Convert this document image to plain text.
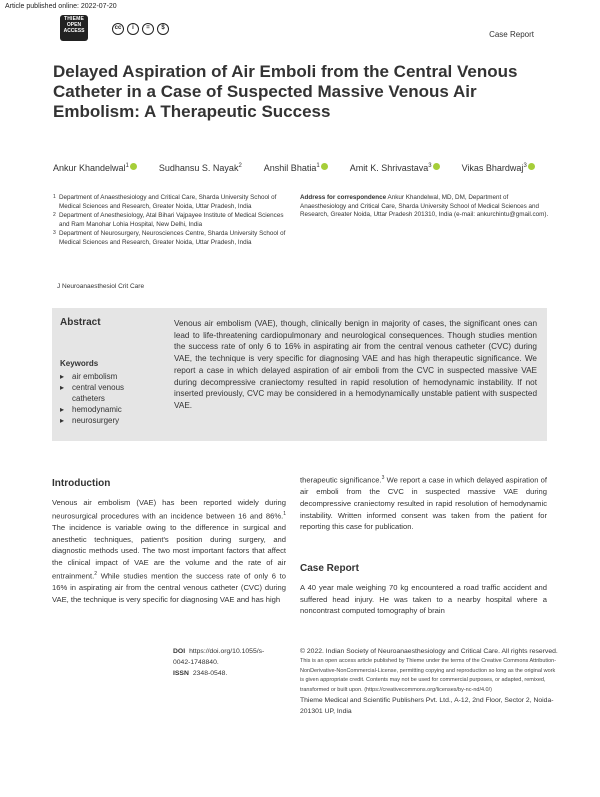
Article published online: 2022-07-20
THIEME
OPEN
ACCESS	cc	i	=	$
Case Report
Delayed Aspiration of Air Emboli from the Central Venous Catheter in a Case of Suspected Massive Venous Air Embolism: A Therapeutic Success
Ankur Khandelwal$^1$	Sudhansu S. Nayak$^2$ Anshil Bhatia$^1$	Amit K. Shrivastava$^3$	Vikas Bhardwaj$^3$
1 Department of Anaesthesiology and Critical Care, Sharda University School of Medical Sciences and Research, Greater Noida, Uttar Pradesh, India
2 Department of Anesthesiology, Atal Bihari Vajpayee Institute of Medical Sciences and Ram Manohar Lohia Hospital, New Delhi, India
3 Department of Neurosurgery, Neurosciences Centre, Sharda University School of Medical Sciences and Research, Greater Noida, Uttar Pradesh, India
Address for correspondence Ankur Khandelwal, MD, DM, Department of Anaesthesiology and Critical Care, Sharda University School of Medical Sciences and Research, Greater Noida, Uttar Pradesh 201310, India (e-mail: ankurchintu@gmail.com).
J Neuroanaesthesiol Crit Care
Abstract
Keywords
▸ air embolism
▸ central venous catheters
▸ hemodynamic
▸ neurosurgery
Venous air embolism (VAE), though, clinically benign in majority of cases, the significant ones can lead to life-threatening cardiopulmonary and neurological consequences. Though studies mention the success rate of only 6 to 16% in aspirating air from the central venous catheter (CVC) during VAE, the technique is very specific for diagnosing VAE and has high therapeutic significance. We report a case in which delayed aspiration of air emboli from the CVC in suspected massive VAE during decompressive craniectomy resulted in rapid resolution of hemodynamic instability. If not inserted previously, CVC may be considered in a hemodynamically unstable patient with suspected VAE.
Introduction
Venous air embolism (VAE) has been reported widely during neurosurgical procedures with an incidence between 16 and 86%.$^1$ The incidence is variable owing to the difference in surgical and anesthetic techniques, patient's position during surgery, and diagnostic methods used. The two most important factors that affect the clinical impact of VAE are the volume and the rate of air entrainment.$^2$ While studies mention the success rate of only 6 to 16% in aspirating air from the central venous catheter (CVC) during VAE, the technique is very specific for diagnosing VAE and has high
therapeutic significance.$^3$ We report a case in which delayed aspiration of air emboli from the CVC in suspected massive VAE during decompressive craniectomy resulted in rapid resolution of hemodynamic instability. Written informed consent was taken from the patient for reporting this case for publication.
Case Report
A 40 year male weighing 70 kg encountered a road traffic accident and suffered head injury. He was taken to a nearby hospital where a noncontrast computed tomography of brain
DOI https://doi.org/10.1055/s-0042-1748840.
ISSN 2348-0548.
© 2022. Indian Society of Neuroanaesthesiology and Critical Care. All rights reserved.
This is an open access article published by Thieme under the terms of the Creative Commons Attribution-NonDerivative-NonCommercial-License, permitting copying and reproduction so long as the original work is given appropriate credit. Contents may not be used for commercial purposes, or adapted, remixed, transformed or built upon. (https://creativecommons.org/licenses/by-nc-nd/4.0/)
Thieme Medical and Scientific Publishers Pvt. Ltd., A-12, 2nd Floor, Sector 2, Noida-201301 UP, India
